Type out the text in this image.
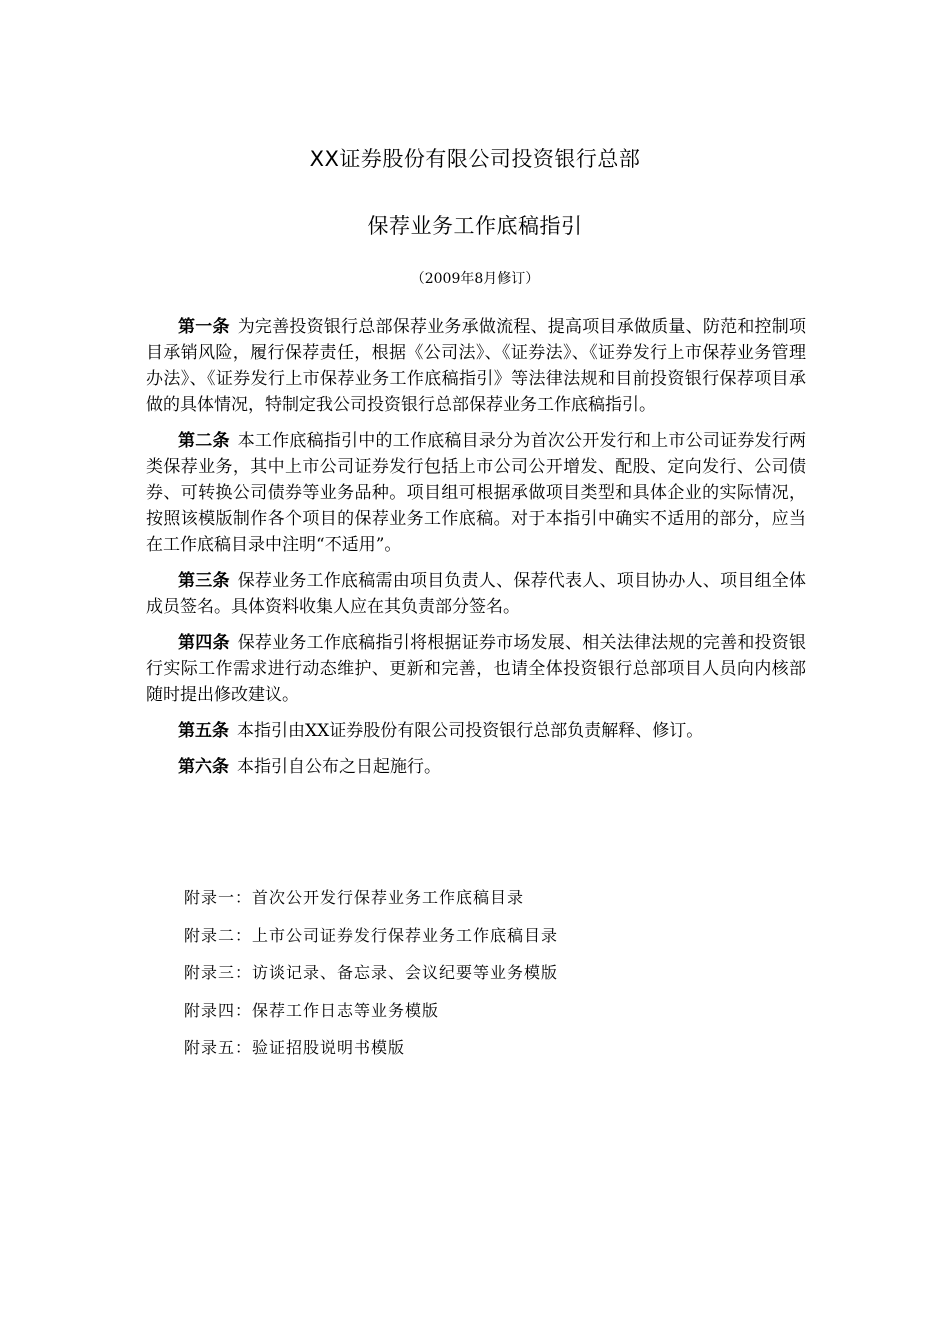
XX证券股份有限公司投资银行总部
保荐业务工作底稿指引
（2009年8月修订）

第一条 为完善投资银行总部保荐业务承做流程、提高项目承做质量、防范和控制项目承销风险，履行保荐责任，根据《公司法》、《证券法》、《证券发行上市保荐业务管理办法》、《证券发行上市保荐业务工作底稿指引》等法律法规和目前投资银行保荐项目承做的具体情况，特制定我公司投资银行总部保荐业务工作底稿指引。

第二条 本工作底稿指引中的工作底稿目录分为首次公开发行和上市公司证券发行两类保荐业务，其中上市公司证券发行包括上市公司公开增发、配股、定向发行、公司债券、可转换公司债券等业务品种。项目组可根据承做项目类型和具体企业的实际情况，按照该模版制作各个项目的保荐业务工作底稿。对于本指引中确实不适用的部分，应当在工作底稿目录中注明“不适用”。

第三条 保荐业务工作底稿需由项目负责人、保荐代表人、项目协办人、项目组全体成员签名。具体资料收集人应在其负责部分签名。

第四条 保荐业务工作底稿指引将根据证券市场发展、相关法律法规的完善和投资银行实际工作需求进行动态维护、更新和完善，也请全体投资银行总部项目人员向内核部随时提出修改建议。

第五条 本指引由XX证券股份有限公司投资银行总部负责解释、修订。

第六条 本指引自公布之日起施行。

附录一：首次公开发行保荐业务工作底稿目录
附录二：上市公司证券发行保荐业务工作底稿目录
附录三：访谈记录、备忘录、会议纪要等业务模版
附录四：保荐工作日志等业务模版
附录五：验证招股说明书模版
